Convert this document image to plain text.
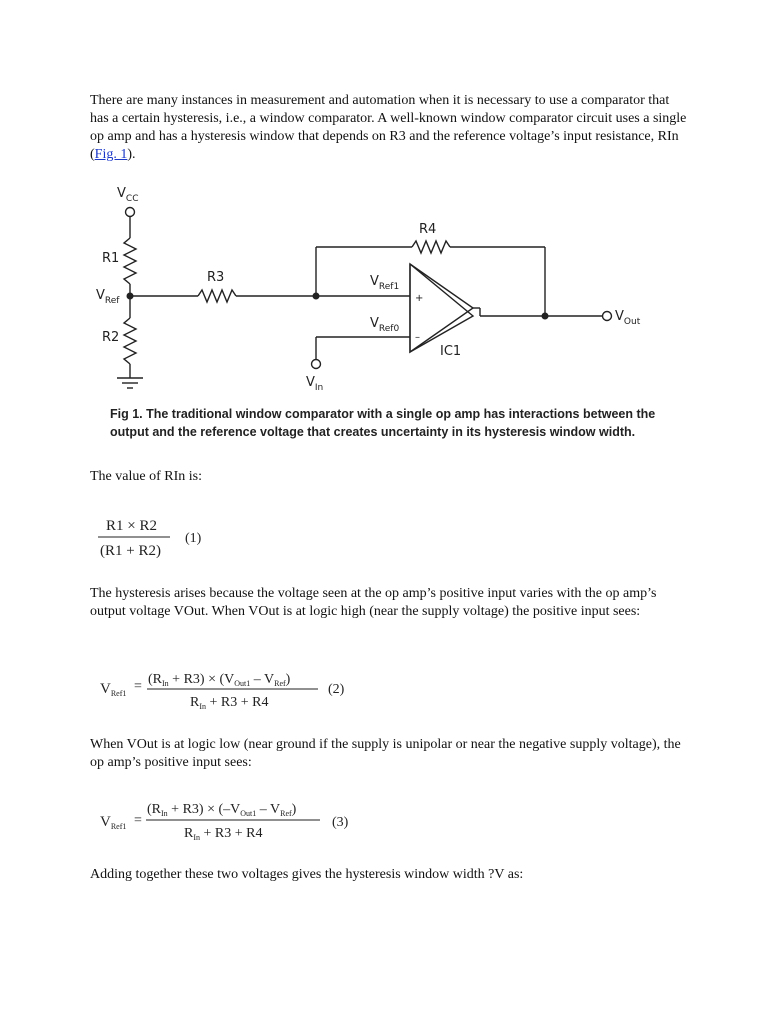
There are many instances in measurement and automation when it is necessary to use a comparator that has a certain hysteresis, i.e., a window comparator. A well-known window comparator circuit uses a single op amp and has a hysteresis window that depends on R3 and the reference voltage’s input resistance, RIn (Fig. 1).

$V_{CC}$
R1
$V_{Ref}$
R2
R3
R4
$V_{Ref1}$
$V_{Ref0}$
+
–
IC1
$V_{In}$
$V_{Out}$
Fig 1. The traditional window comparator with a single op amp has interactions between the
output and the reference voltage that creates uncertainty in its hysteresis window width.

The value of RIn is:

R1 × R2
(R1 + R2)
(1)

The hysteresis arises because the voltage seen at the op amp’s positive input varies with the op amp’s output voltage VOut. When VOut is at logic high (near the supply voltage) the positive input sees:

$V_{Ref1} = (R_{In} + R3) \times (V_{Out1} - V_{Ref})$
$R_{In} + R3 + R4$
(2)

When VOut is at logic low (near ground if the supply is unipolar or near the negative supply voltage), the op amp’s positive input sees:

$V_{Ref1}$ =
$(R_{In} + R3) \times (-V_{Out1} - V_{Ref})$
$R_{In} + R3 + R4$
(3)

Adding together these two voltages gives the hysteresis window width ?V as:
